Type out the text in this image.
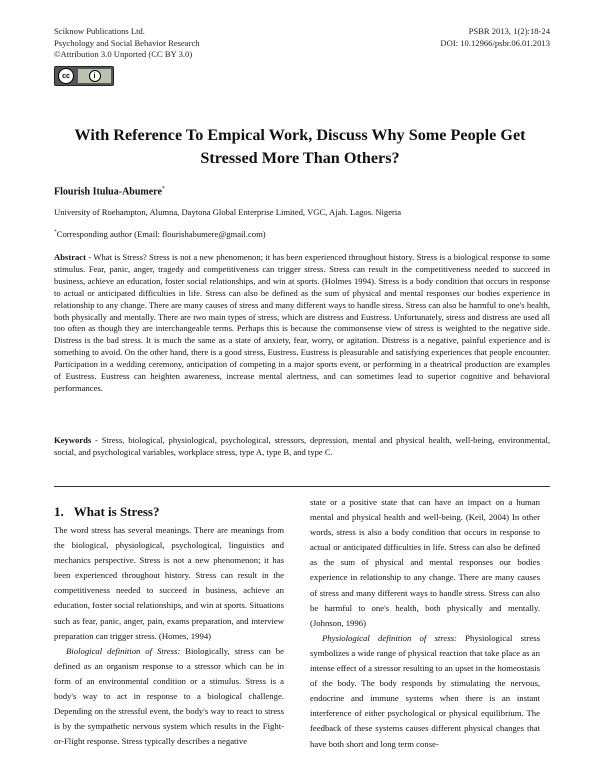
Sciknow Publications Ltd.
Psychology and Social Behavior Research
©Attribution 3.0 Unported (CC BY 3.0)
PSBR 2013, 1(2):18-24
DOI: 10.12966/psbr.06.01.2013
cc	i
With Reference To Empical Work, Discuss Why Some People Get
Stressed More Than Others?
Flourish Itulua-Abumere*
University of Roehampton, Alumna, Daytona Global Enterprise Limited, VGC, Ajah. Lagos. Nigeria
*Corresponding author (Email: flourishabumere@gmail.com)

Abstract - What is Stress? Stress is not a new phenomenon; it has been experienced throughout history. Stress is a biological response to some stimulus. Fear, panic, anger, tragedy and competitiveness can trigger stress. Stress can result in the competitiveness needed to succeed in business, achieve an education, foster social relationships, and win at sports. (Holmes 1994). Stress is a body condition that occurs in response to actual or anticipated difficulties in life. Stress can also be defined as the sum of physical and mental responses our bodies experience in relationship to any change. There are many causes of stress and many different ways to handle stress. Stress can also be harmful to one's health, both physically and mentally. There are two main types of stress, which are distress and Eustress. Unfortunately, stress and distress are used all too often as though they are interchangeable terms. Perhaps this is because the commonsense view of stress is weighted to the negative side. Distress is the bad stress. It is much the same as a state of anxiety, fear, worry, or agitation. Distress is a negative, painful experience and is something to avoid. On the other hand, there is a good stress, Eustress. Eustress is pleasurable and satisfying experiences that people encounter. Participation in a wedding ceremony, anticipation of competing in a major sports event, or performing in a theatrical production are examples of Eustress. Eustress can heighten awareness, increase mental alertness, and can sometimes lead to superior cognitive and behavioral performances.

Keywords - Stress, biological, physiological, psychological, stressors, depression, mental and physical health, well-being, environmental, social, and psychological variables, workplace stress, type A, type B, and type C.

1. What is Stress?

The word stress has several meanings. There are meanings from the biological, physiological, psychological, linguistics and mechanics perspective. Stress is not a new phenomenon; it has been experienced throughout history. Stress can result in the competitiveness needed to succeed in business, achieve an education, foster social relationships, and win at sports. Situations such as fear, panic, anger, pain, exams preparation, and interview preparation can trigger stress. (Homes, 1994)

Biological definition of Stress: Biologically, stress can be defined as an organism response to a stressor which can be in form of an environmental condition or a stimulus. Stress is a body's way to act in response to a biological challenge. Depending on the stressful event, the body's way to react to stress is by the sympathetic nervous system which results in the Fight-or-Flight response. Stress typically describes a negative

state or a positive state that can have an impact on a human mental and physical health and well-being. (Keil, 2004) In other words, stress is also a body condition that occurs in response to actual or anticipated difficulties in life. Stress can also be defined as the sum of physical and mental responses our bodies experience in relationship to any change. There are many causes of stress and many different ways to handle stress. Stress can also be harmful to one's health, both physically and mentally. (Johnson, 1996)

Physiological definition of stress: Physiological stress symbolizes a wide range of physical reaction that take place as an intense effect of a stressor resulting to an upset in the homeostasis of the body. The body responds by stimulating the nervous, endocrine and immune systems when there is an instant interference of either psychological or physical equilibrium. The feedback of these systems causes different physical changes that have both short and long term conse-
